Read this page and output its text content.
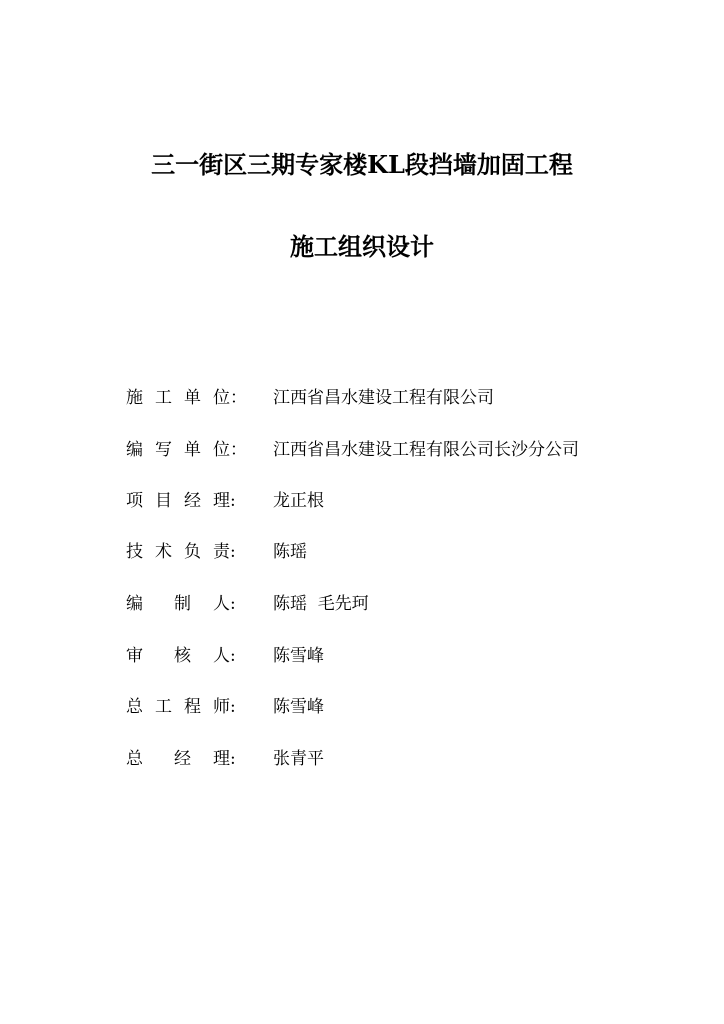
三一街区三期专家楼KL段挡墙加固工程
施工组织设计
施 工 单 位： 江西省昌水建设工程有限公司
编 写 单 位： 江西省昌水建设工程有限公司长沙分公司
项 目 经 理: 龙正根
技 术 负 责: 陈瑶
编 制 人: 陈瑶  毛先珂
审 核 人: 陈雪峰
总 工 程 师: 陈雪峰
总 经 理: 张青平
